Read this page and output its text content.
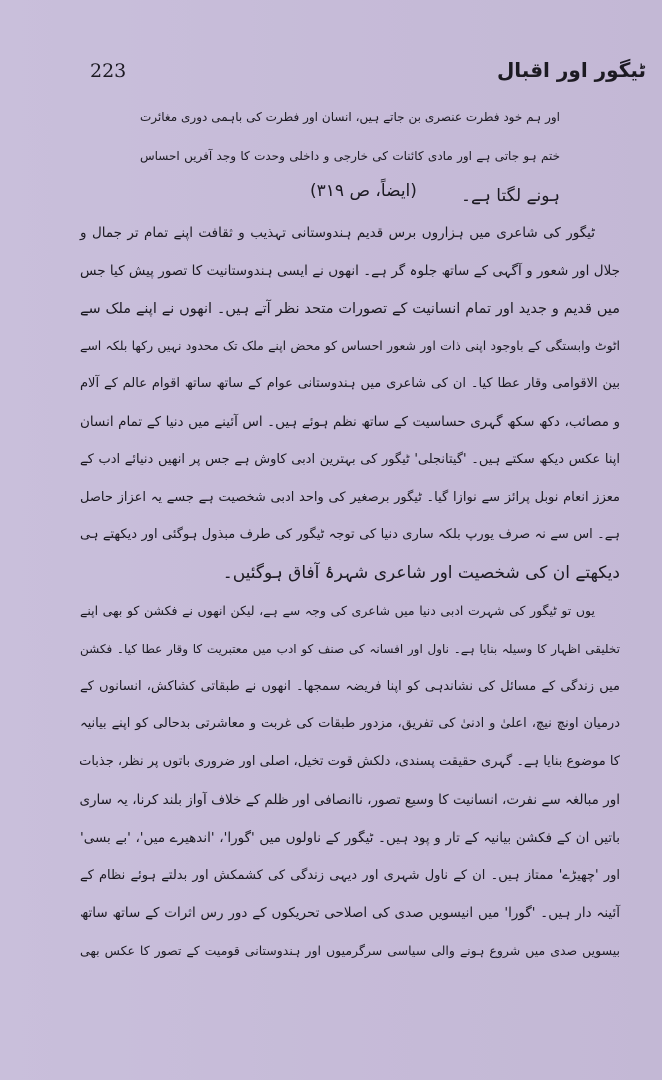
ٹیگور اور اقبال
223
اور ہم خود فطرت عنصری بن جاتے ہیں، انسان اور فطرت کی باہمی دوری مغائرت
ختم ہو جاتی ہے اور مادی کائنات کی خارجی و داخلی وحدت کا وجد آفریں احساس
ہونے لگتا ہے۔
(ایضاً، ص ۳۱۹)
ٹیگور کی شاعری میں ہزاروں برس قدیم ہندوستانی تہذیب و ثقافت اپنے تمام تر جمال و
جلال اور شعور و آگہی کے ساتھ جلوہ گر ہے۔ انھوں نے ایسی ہندوستانیت کا تصور پیش کیا جس
میں قدیم و جدید اور تمام انسانیت کے تصورات متحد نظر آتے ہیں۔ انھوں نے اپنے ملک سے
اٹوٹ وابستگی کے باوجود اپنی ذات اور شعور احساس کو محض اپنے ملک تک محدود نہیں رکھا بلکہ اسے
بین الاقوامی وقار عطا کیا۔ ان کی شاعری میں ہندوستانی عوام کے ساتھ ساتھ اقوام عالم کے آلام
و مصائب، دکھ سکھ گہری حساسیت کے ساتھ نظم ہوئے ہیں۔ اس آئینے میں دنیا کے تمام انسان
اپنا عکس دیکھ سکتے ہیں۔ 'گیتانجلی' ٹیگور کی بہترین ادبی کاوش ہے جس پر انھیں دنیائے ادب کے
معزز انعام نوبل پرائز سے نوازا گیا۔ ٹیگور برصغیر کی واحد ادبی شخصیت ہے جسے یہ اعزاز حاصل
ہے۔ اس سے نہ صرف یورپ بلکہ ساری دنیا کی توجہ ٹیگور کی طرف مبذول ہوگئی اور دیکھتے ہی
دیکھتے ان کی شخصیت اور شاعری شہرۂ آفاق ہوگئیں۔
یوں تو ٹیگور کی شہرت ادبی دنیا میں شاعری کی وجہ سے ہے، لیکن انھوں نے فکشن کو بھی اپنے
تخلیقی اظہار کا وسیلہ بنایا ہے۔ ناول اور افسانہ کی صنف کو ادب میں معتبریت کا وقار عطا کیا۔ فکشن
میں زندگی کے مسائل کی نشاندہی کو اپنا فریضہ سمجھا۔ انھوں نے طبقاتی کشاکش، انسانوں کے
درمیان اونچ نیچ، اعلیٰ و ادنیٰ کی تفریق، مزدور طبقات کی غربت و معاشرتی بدحالی کو اپنے بیانیہ
کا موضوع بنایا ہے۔ گہری حقیقت پسندی، دلکش قوت تخیل، اصلی اور ضروری باتوں پر نظر، جذبات
اور مبالغہ سے نفرت، انسانیت کا وسیع تصور، ناانصافی اور ظلم کے خلاف آواز بلند کرنا، یہ ساری
باتیں ان کے فکشن بیانیہ کے تار و پود ہیں۔ ٹیگور کے ناولوں میں 'گورا'، 'اندھیرے میں'، 'بے بسی'
اور 'چھیڑے' ممتاز ہیں۔ ان کے ناول شہری اور دیہی زندگی کی کشمکش اور بدلتے ہوئے نظام کے
آئینہ دار ہیں۔ 'گورا' میں انیسویں صدی کی اصلاحی تحریکوں کے دور رس اثرات کے ساتھ ساتھ
بیسویں صدی میں شروع ہونے والی سیاسی سرگرمیوں اور ہندوستانی قومیت کے تصور کا عکس بھی
